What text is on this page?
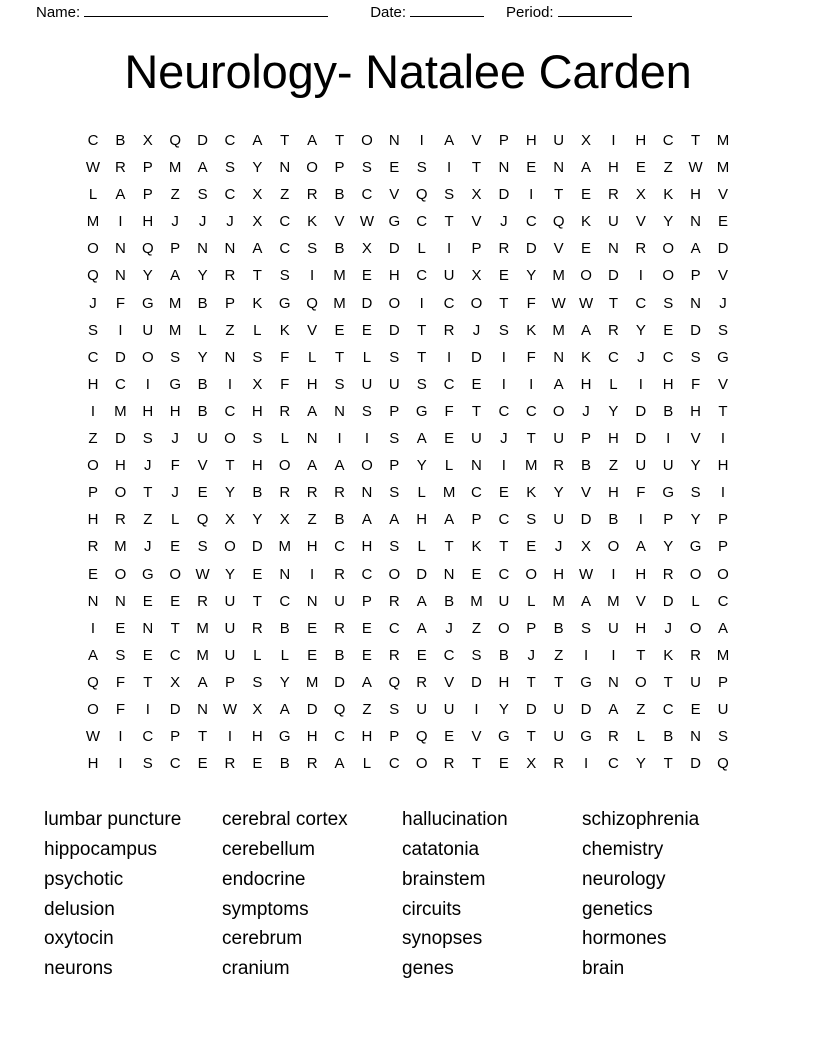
Name:	Date:	Period:
Neurology- Natalee Carden
C	B	X	Q	D	C	A	T	A	T	O	N	I	A	V	P	H	U	X	I	H	C	T	M
W R	P	M	A	S	Y	N	O	P	S	E	S	I	T	N	E	N	A	H	E	Z	W M
L	A	P	Z	S	C	X	Z	R	B	C	V	Q	S	X	D	I	T	E	R	X	K	H	V
M	I	H	J	J	J	X	C	K	V	W G	C	T	V	J	C	Q	K	U	V	Y	N	E
O	N	Q	P	N	N	A	C	S	B	X	D	L	I	P	R	D	V	E	N	R	O	A	D
Q	N	Y	A	Y	R	T	S	I	M	E	H	C	U	X	E	Y	M	O	D	I	O	P	V
J	F	G	M	B	P	K	G	Q	M	D	O	I	C	O	T	F	W W	T	C	S	N	J
S	I	U	M	L	Z	L	K	V	E	E	D	T	R	J	S	K	M	A	R	Y	E	D	S
C	D	O	S	Y	N	S	F	L	T	L	S	T	I	D	I	F	N	K	C	J	C	S	G
H	C	I	G	B	I	X	F	H	S	U	U	S	C	E	I	I	A	H	L	I	H	F	V
I	M	H	H	B	C	H	R	A	N	S	P	G	F	T	C	C	O	J	Y	D	B	H	T
Z	D	S	J	U	O	S	L	N	I	I	S	A	E	U	J	T	U	P	H	D	I	V	I
O	H	J	F	V	T	H	O	A	A	O	P	Y	L	N	I	M	R	B	Z	U	U	Y	H
P	O	T	J	E	Y	B	R	R	R	N	S	L	M	C	E	K	Y	V	H	F	G	S	I
H	R	Z	L	Q	X	Y	X	Z	B	A	A	H	A	P	C	S	U	D	B	I	P	Y	P
R	M	J	E	S	O	D	M	H	C	H	S	L	T	K	T	E	J	X	O	A	Y	G	P
E	O	G	O W	Y	E	N	I	R	C	O	D	N	E	C	O	H W	I	H	R	O	O
N	N	E	E	R	U	T	C	N	U	P	R	A	B	M	U	L	M	A	M	V	D	L	C
I	E	N	T	M	U	R	B	E	R	E	C	A	J	Z	O	P	B	S	U	H	J	O	A
A	S	E	C	M	U	L	L	E	B	E	R	E	C	S	B	J	Z	I	I	T	K	R	M
Q	F	T	X	A	P	S	Y	M	D	A	Q	R	V	D	H	T	T	G	N	O	T	U	P
O	F	I	D	N W	X	A	D	Q	Z	S	U	U	I	Y	D	U	D	A	Z	C	E	U
W	I	C	P	T	I	H	G	H	C	H	P	Q	E	V	G	T	U	G	R	L	B	N	S
H	I	S	C	E	R	E	B	R	A	L	C	O	R	T	E	X	R	I	C	Y	T	D	Q
lumbar puncture	cerebral cortex	hallucination	schizophrenia
hippocampus	cerebellum	catatonia	chemistry
psychotic	endocrine	brainstem	neurology
delusion	symptoms	circuits	genetics
oxytocin	cerebrum	synopses	hormones
neurons	cranium	genes	brain
